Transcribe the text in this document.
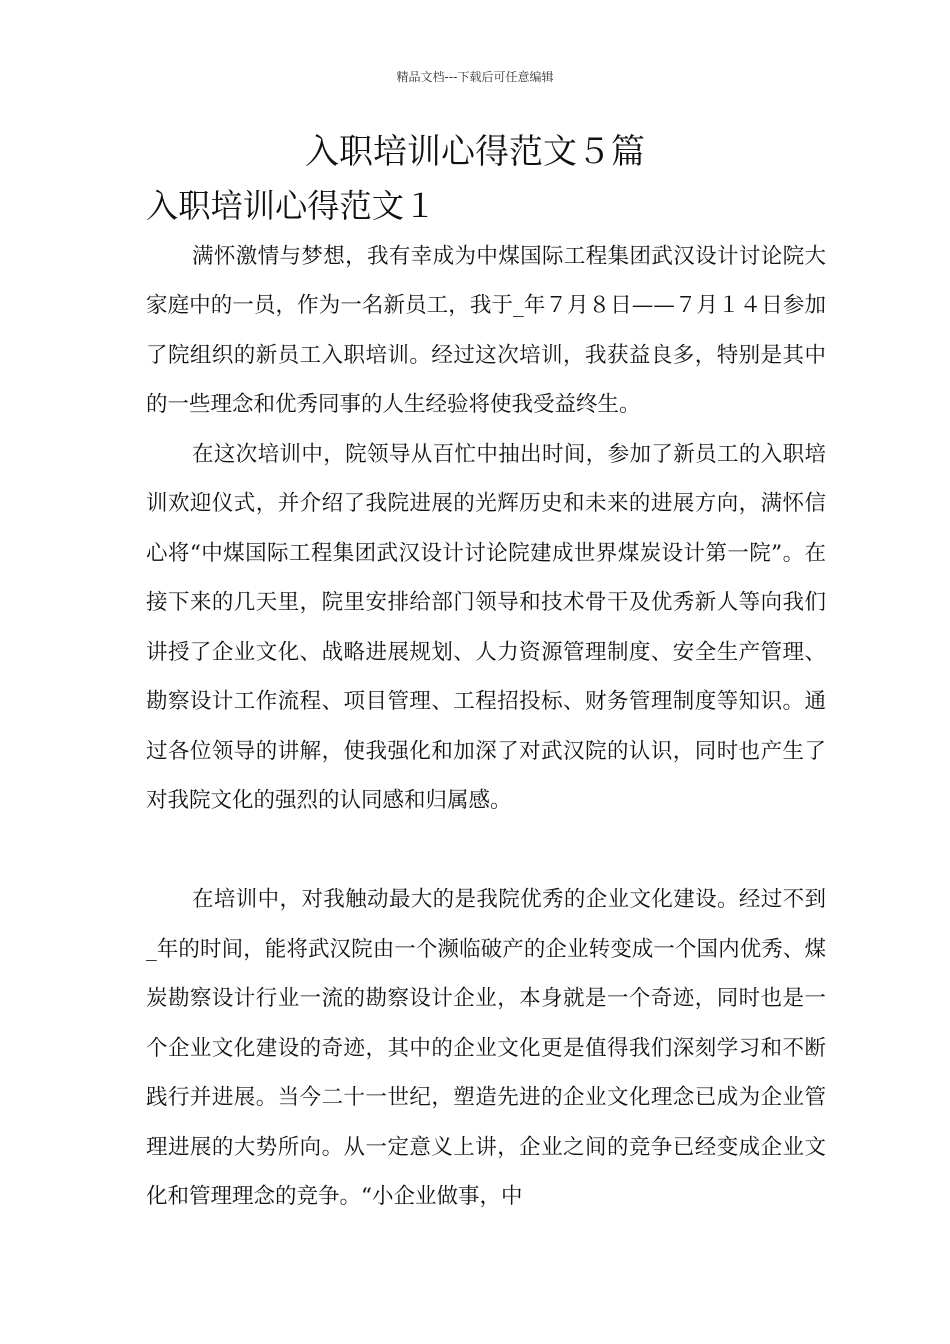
精品文档---下载后可任意编辑
入职培训心得范文５篇
入职培训心得范文１

满怀激情与梦想，我有幸成为中煤国际工程集团武汉设计讨论院大家庭中的一员，作为一名新员工，我于_年７月８日——７月１４日参加了院组织的新员工入职培训。经过这次培训，我获益良多，特别是其中的一些理念和优秀同事的人生经验将使我受益终生。

在这次培训中，院领导从百忙中抽出时间，参加了新员工的入职培训欢迎仪式，并介绍了我院进展的光辉历史和未来的进展方向，满怀信心将“中煤国际工程集团武汉设计讨论院建成世界煤炭设计第一院”。在接下来的几天里，院里安排给部门领导和技术骨干及优秀新人等向我们讲授了企业文化、战略进展规划、人力资源管理制度、安全生产管理、勘察设计工作流程、项目管理、工程招投标、财务管理制度等知识。通过各位领导的讲解，使我强化和加深了对武汉院的认识，同时也产生了对我院文化的强烈的认同感和归属感。

在培训中，对我触动最大的是我院优秀的企业文化建设。经过不到_年的时间，能将武汉院由一个濒临破产的企业转变成一个国内优秀、煤炭勘察设计行业一流的勘察设计企业，本身就是一个奇迹，同时也是一个企业文化建设的奇迹，其中的企业文化更是值得我们深刻学习和不断践行并进展。当今二十一世纪，塑造先进的企业文化理念已成为企业管理进展的大势所向。从一定意义上讲，企业之间的竞争已经变成企业文化和管理理念的竞争。“小企业做事，中
